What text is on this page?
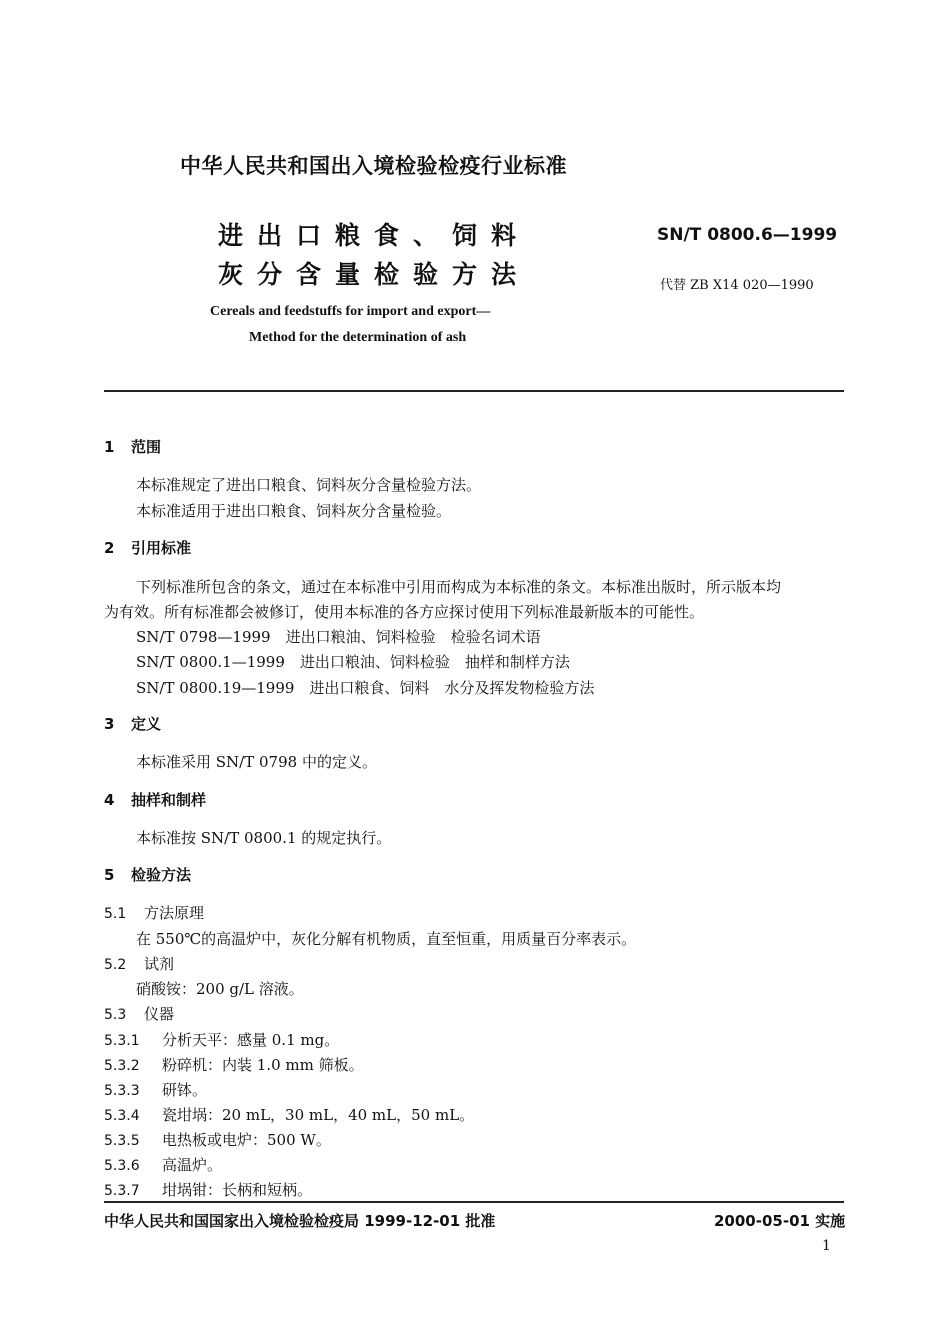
中华人民共和国出入境检验检疫行业标准
进出口粮食、饲料
灰分含量检验方法
SN/T 0800.6—1999
代替 ZB X14 020—1990
Cereals and feedstuffs for import and export—
Method for the determination of ash
1 范围
本标准规定了进出口粮食、饲料灰分含量检验方法。
本标准适用于进出口粮食、饲料灰分含量检验。
2 引用标准
下列标准所包含的条文，通过在本标准中引用而构成为本标准的条文。本标准出版时，所示版本均
为有效。所有标准都会被修订，使用本标准的各方应探讨使用下列标准最新版本的可能性。
SN/T 0798—1999　进出口粮油、饲料检验　检验名词术语
SN/T 0800.1—1999　进出口粮油、饲料检验　抽样和制样方法
SN/T 0800.19—1999　进出口粮食、饲料　水分及挥发物检验方法
3 定义
本标准采用 SN/T 0798 中的定义。
4 抽样和制样
本标准按 SN/T 0800.1 的规定执行。
5 检验方法
5.1 方法原理
在 550℃的高温炉中，灰化分解有机物质，直至恒重，用质量百分率表示。
5.2 试剂
硝酸铵：200 g/L 溶液。
5.3 仪器
5.3.1 分析天平：感量 0.1 mg。
5.3.2 粉碎机：内装 1.0 mm 筛板。
5.3.3 研钵。
5.3.4 瓷坩埚：20 mL，30 mL，40 mL，50 mL。
5.3.5 电热板或电炉：500 W。
5.3.6 高温炉。
5.3.7 坩埚钳：长柄和短柄。
中华人民共和国国家出入境检验检疫局 1999-12-01 批准	2000-05-01 实施
1
